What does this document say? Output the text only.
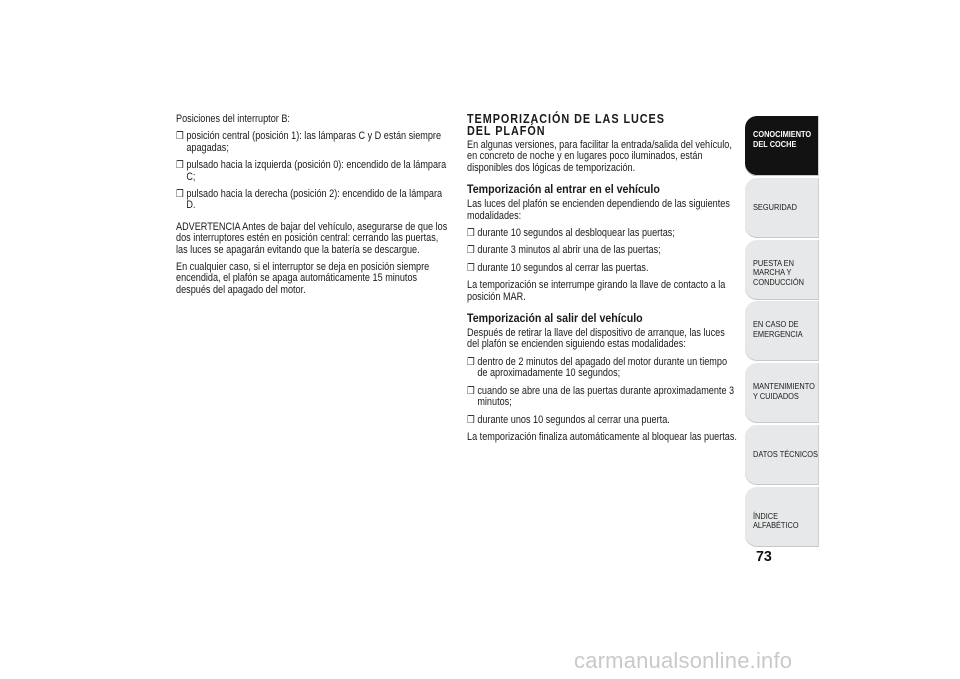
Posiciones del interruptor B:

❒ posición central (posición 1): las lámparas C y D están siempre apagadas;
❒ pulsado hacia la izquierda (posición 0): encendido de la lámpara C;
❒ pulsado hacia la derecha (posición 2): encendido de la lámpara D.

ADVERTENCIA Antes de bajar del vehículo, asegurarse de que los dos interruptores estén en posición central: cerrando las puertas, las luces se apagarán evitando que la batería se descargue.

En cualquier caso, si el interruptor se deja en posición siempre encendida, el plafón se apaga automáticamente 15 minutos después del apagado del motor.

TEMPORIZACIÓN DE LAS LUCES DEL PLAFÓN

En algunas versiones, para facilitar la entrada/salida del vehículo, en concreto de noche y en lugares poco iluminados, están disponibles dos lógicas de temporización.

Temporización al entrar en el vehículo

Las luces del plafón se encienden dependiendo de las siguientes modalidades:

❒ durante 10 segundos al desbloquear las puertas;
❒ durante 3 minutos al abrir una de las puertas;
❒ durante 10 segundos al cerrar las puertas.

La temporización se interrumpe girando la llave de contacto a la posición MAR.

Temporización al salir del vehículo

Después de retirar la llave del dispositivo de arranque, las luces del plafón se encienden siguiendo estas modalidades:

❒ dentro de 2 minutos del apagado del motor durante un tiempo de aproximadamente 10 segundos;
❒ cuando se abre una de las puertas durante aproximadamente 3 minutos;
❒ durante unos 10 segundos al cerrar una puerta.

La temporización finaliza automáticamente al bloquear las puertas.

CONOCIMIENTO DEL COCHE
SEGURIDAD
PUESTA EN MARCHA Y CONDUCCIÓN
EN CASO DE EMERGENCIA
MANTENIMIENTO Y CUIDADOS
DATOS TÉCNICOS
ÍNDICE ALFABÉTICO
73
carmanualsonline.info
